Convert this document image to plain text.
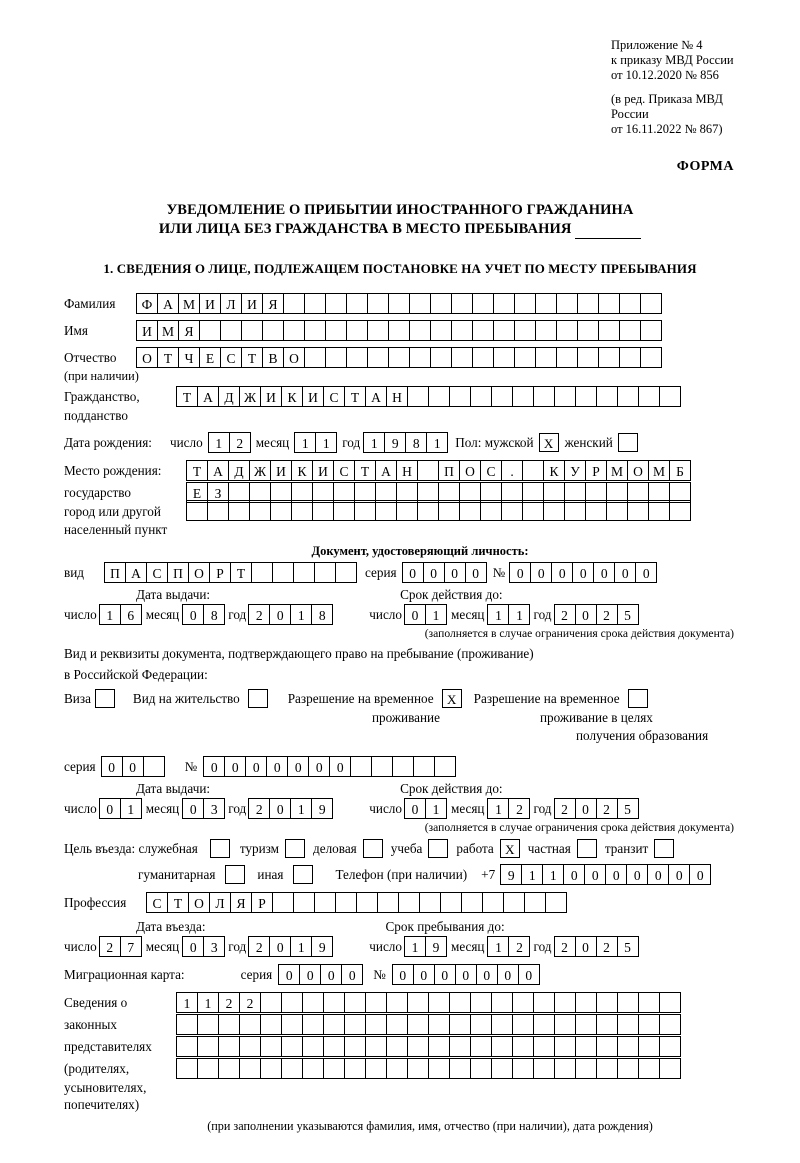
Приложение № 4
к приказу МВД России
от 10.12.2020 № 856
(в ред. Приказа МВД России
от 16.11.2022 № 867)
ФОРМА
УВЕДОМЛЕНИЕ О ПРИБЫТИИ ИНОСТРАННОГО ГРАЖДАНИНА
ИЛИ ЛИЦА БЕЗ ГРАЖДАНСТВА В МЕСТО ПРЕБЫВАНИЯ
1. СВЕДЕНИЯ О ЛИЦЕ, ПОДЛЕЖАЩЕМ ПОСТАНОВКЕ НА УЧЕТ ПО МЕСТУ ПРЕБЫВАНИЯ
Фамилия	Ф А М И Л И Я
Имя	И М Я
Отчество	О Т Ч Е С Т В О
(при наличии)
Гражданство,	Т А Д Ж И К И С Т А Н
подданство
Дата рождения: число 1	2 месяц 1	1 год 1	9	8	1	Пол: мужской X женский
Место рождения:	Т А Д Ж И К И С Т А Н	П О С	.	К У Р М О М Б
государство	Е З
город или другой
населенный пункт
Документ, удостоверяющий личность:
вид	П А С П О Р Т	серия 0	0	0	0	№ 0	0	0	0	0	0	0
Дата выдачи:	Срок действия до:
число 1	6 месяц 0	8 год 2	0	1	8	число 0	1 месяц 1	1 год 2	0	2	5
(заполняется в случае ограничения срока действия документа)
Вид и реквизиты документа, подтверждающего право на пребывание (проживание)
в Российской Федерации:
Виза	Вид на жительство	Разрешение на временное	X	Разрешение на временное
проживание	проживание в целях
получения образования
серия 0	0	№	0	0	0	0	0	0	0
Дата выдачи:	Срок действия до:
число 0	1 месяц 0	3 год 2	0	1	9	число 0	1 месяц 1	2 год 2	0	2	5
(заполняется в случае ограничения срока действия документа)
Цель въезда: служебная	туризм	деловая	учеба	работа X	частная	транзит
гуманитарная	иная	Телефон (при наличии) +7 9	1	1	0	0	0	0	0	0	0
Профессия	С Т О Л Я Р
Дата въезда:	Срок пребывания до:
число 2	7 месяц 0	3 год 2	0	1	9	число 1	9 месяц 1	2 год 2	0	2	5
Миграционная карта:	серия	0	0	0	0	№	0	0	0	0	0	0	0
Сведения о	1	1	2	2
законных
представителях
(родителях,
усыновителях,
попечителях)
(при заполнении указываются фамилия, имя, отчество (при наличии), дата рождения)
